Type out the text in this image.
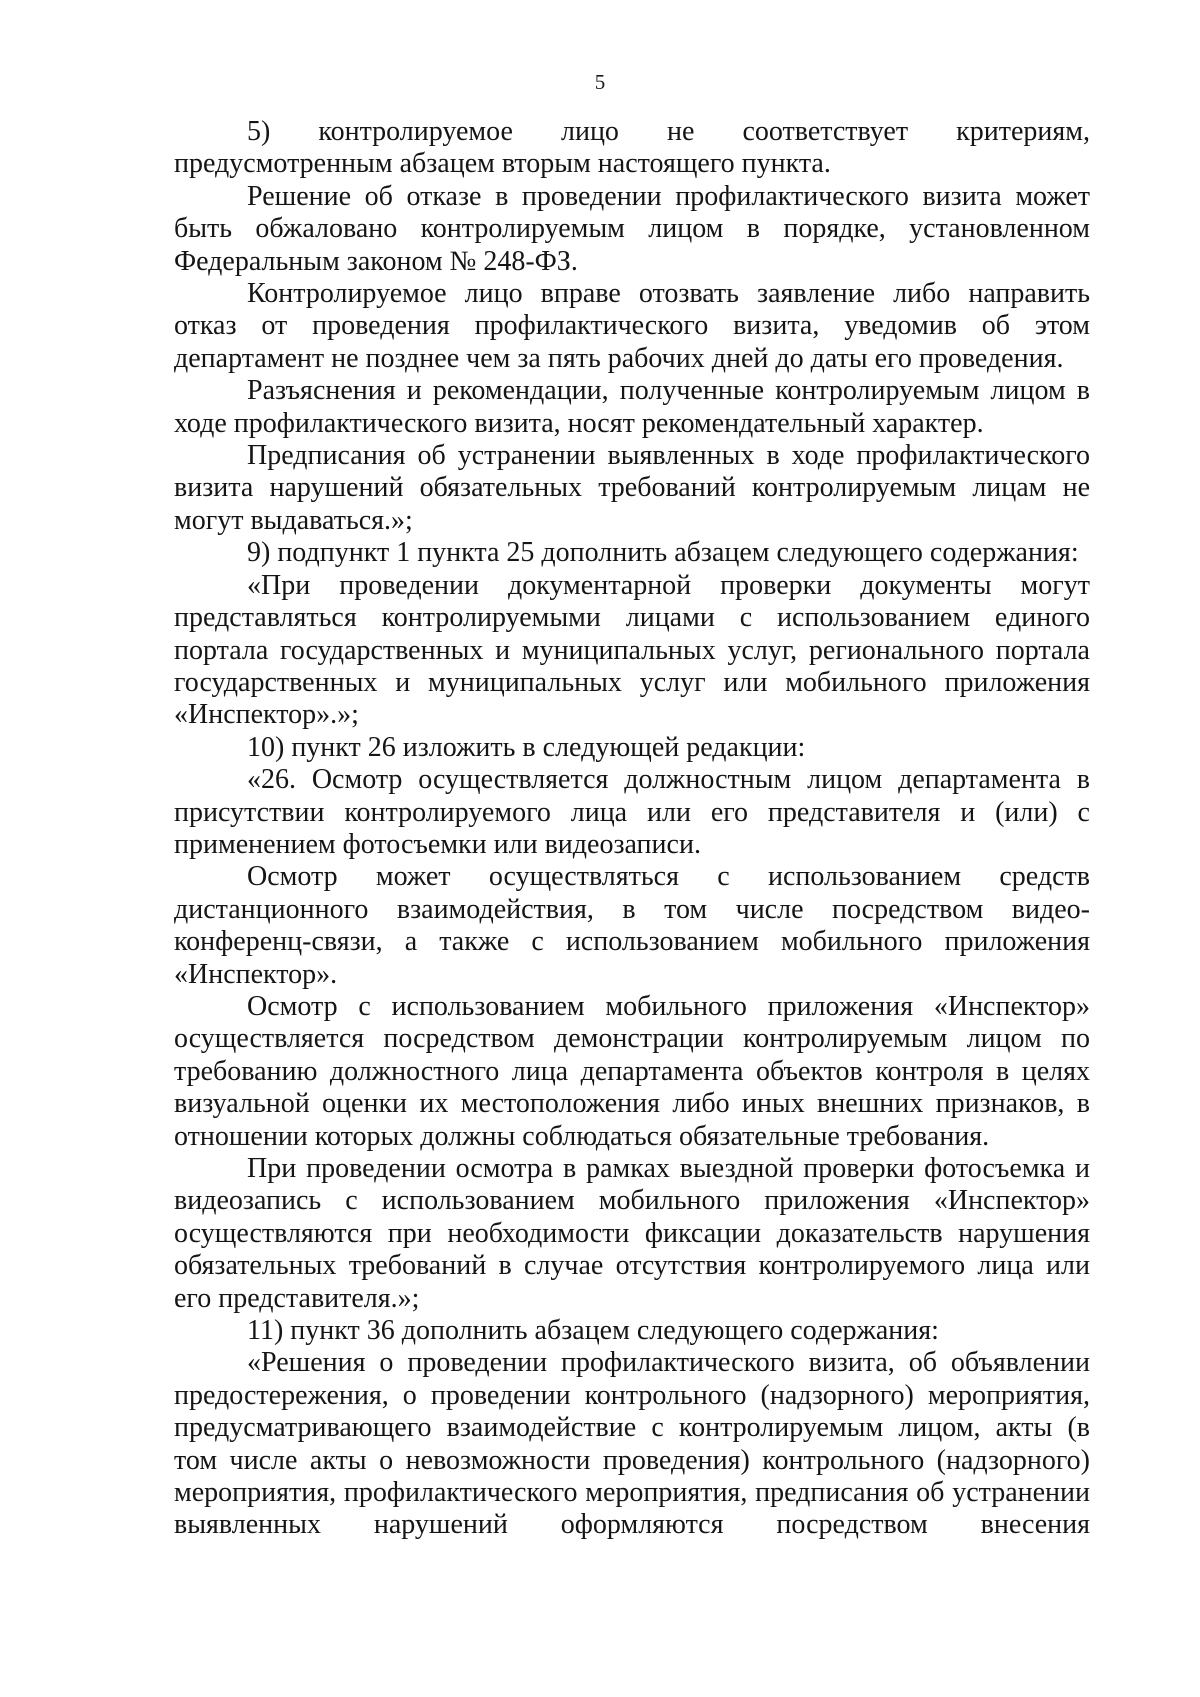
5

5) контролируемое лицо не соответствует критериям, предусмотренным абзацем вторым настоящего пункта.

Решение об отказе в проведении профилактического визита может быть обжаловано контролируемым лицом в порядке, установленном Федеральным законом № 248-ФЗ.

Контролируемое лицо вправе отозвать заявление либо направить отказ от проведения профилактического визита, уведомив об этом департамент не позднее чем за пять рабочих дней до даты его проведения.

Разъяснения и рекомендации, полученные контролируемым лицом в ходе профилактического визита, носят рекомендательный характер.

Предписания об устранении выявленных в ходе профилактического визита нарушений обязательных требований контролируемым лицам не могут выдаваться.»;

9) подпункт 1 пункта 25 дополнить абзацем следующего содержания:

«При проведении документарной проверки документы могут представляться контролируемыми лицами с использованием единого портала государственных и муниципальных услуг, регионального портала государственных и муниципальных услуг или мобильного приложения «Инспектор».»;

10) пункт 26 изложить в следующей редакции:

«26. Осмотр осуществляется должностным лицом департамента в присутствии контролируемого лица или его представителя и (или) с применением фотосъемки или видеозаписи.

Осмотр может осуществляться с использованием средств дистанционного взаимодействия, в том числе посредством видео-конференц-связи, а также с использованием мобильного приложения «Инспектор».

Осмотр с использованием мобильного приложения «Инспектор» осуществляется посредством демонстрации контролируемым лицом по требованию должностного лица департамента объектов контроля в целях визуальной оценки их местоположения либо иных внешних признаков, в отношении которых должны соблюдаться обязательные требования.

При проведении осмотра в рамках выездной проверки фотосъемка и видеозапись с использованием мобильного приложения «Инспектор» осуществляются при необходимости фиксации доказательств нарушения обязательных требований в случае отсутствия контролируемого лица или его представителя.»;

11) пункт 36 дополнить абзацем следующего содержания:

«Решения о проведении профилактического визита, об объявлении предостережения, о проведении контрольного (надзорного) мероприятия, предусматривающего взаимодействие с контролируемым лицом, акты (в том числе акты о невозможности проведения) контрольного (надзорного) мероприятия, профилактического мероприятия, предписания об устранении выявленных нарушений оформляются посредством внесения
